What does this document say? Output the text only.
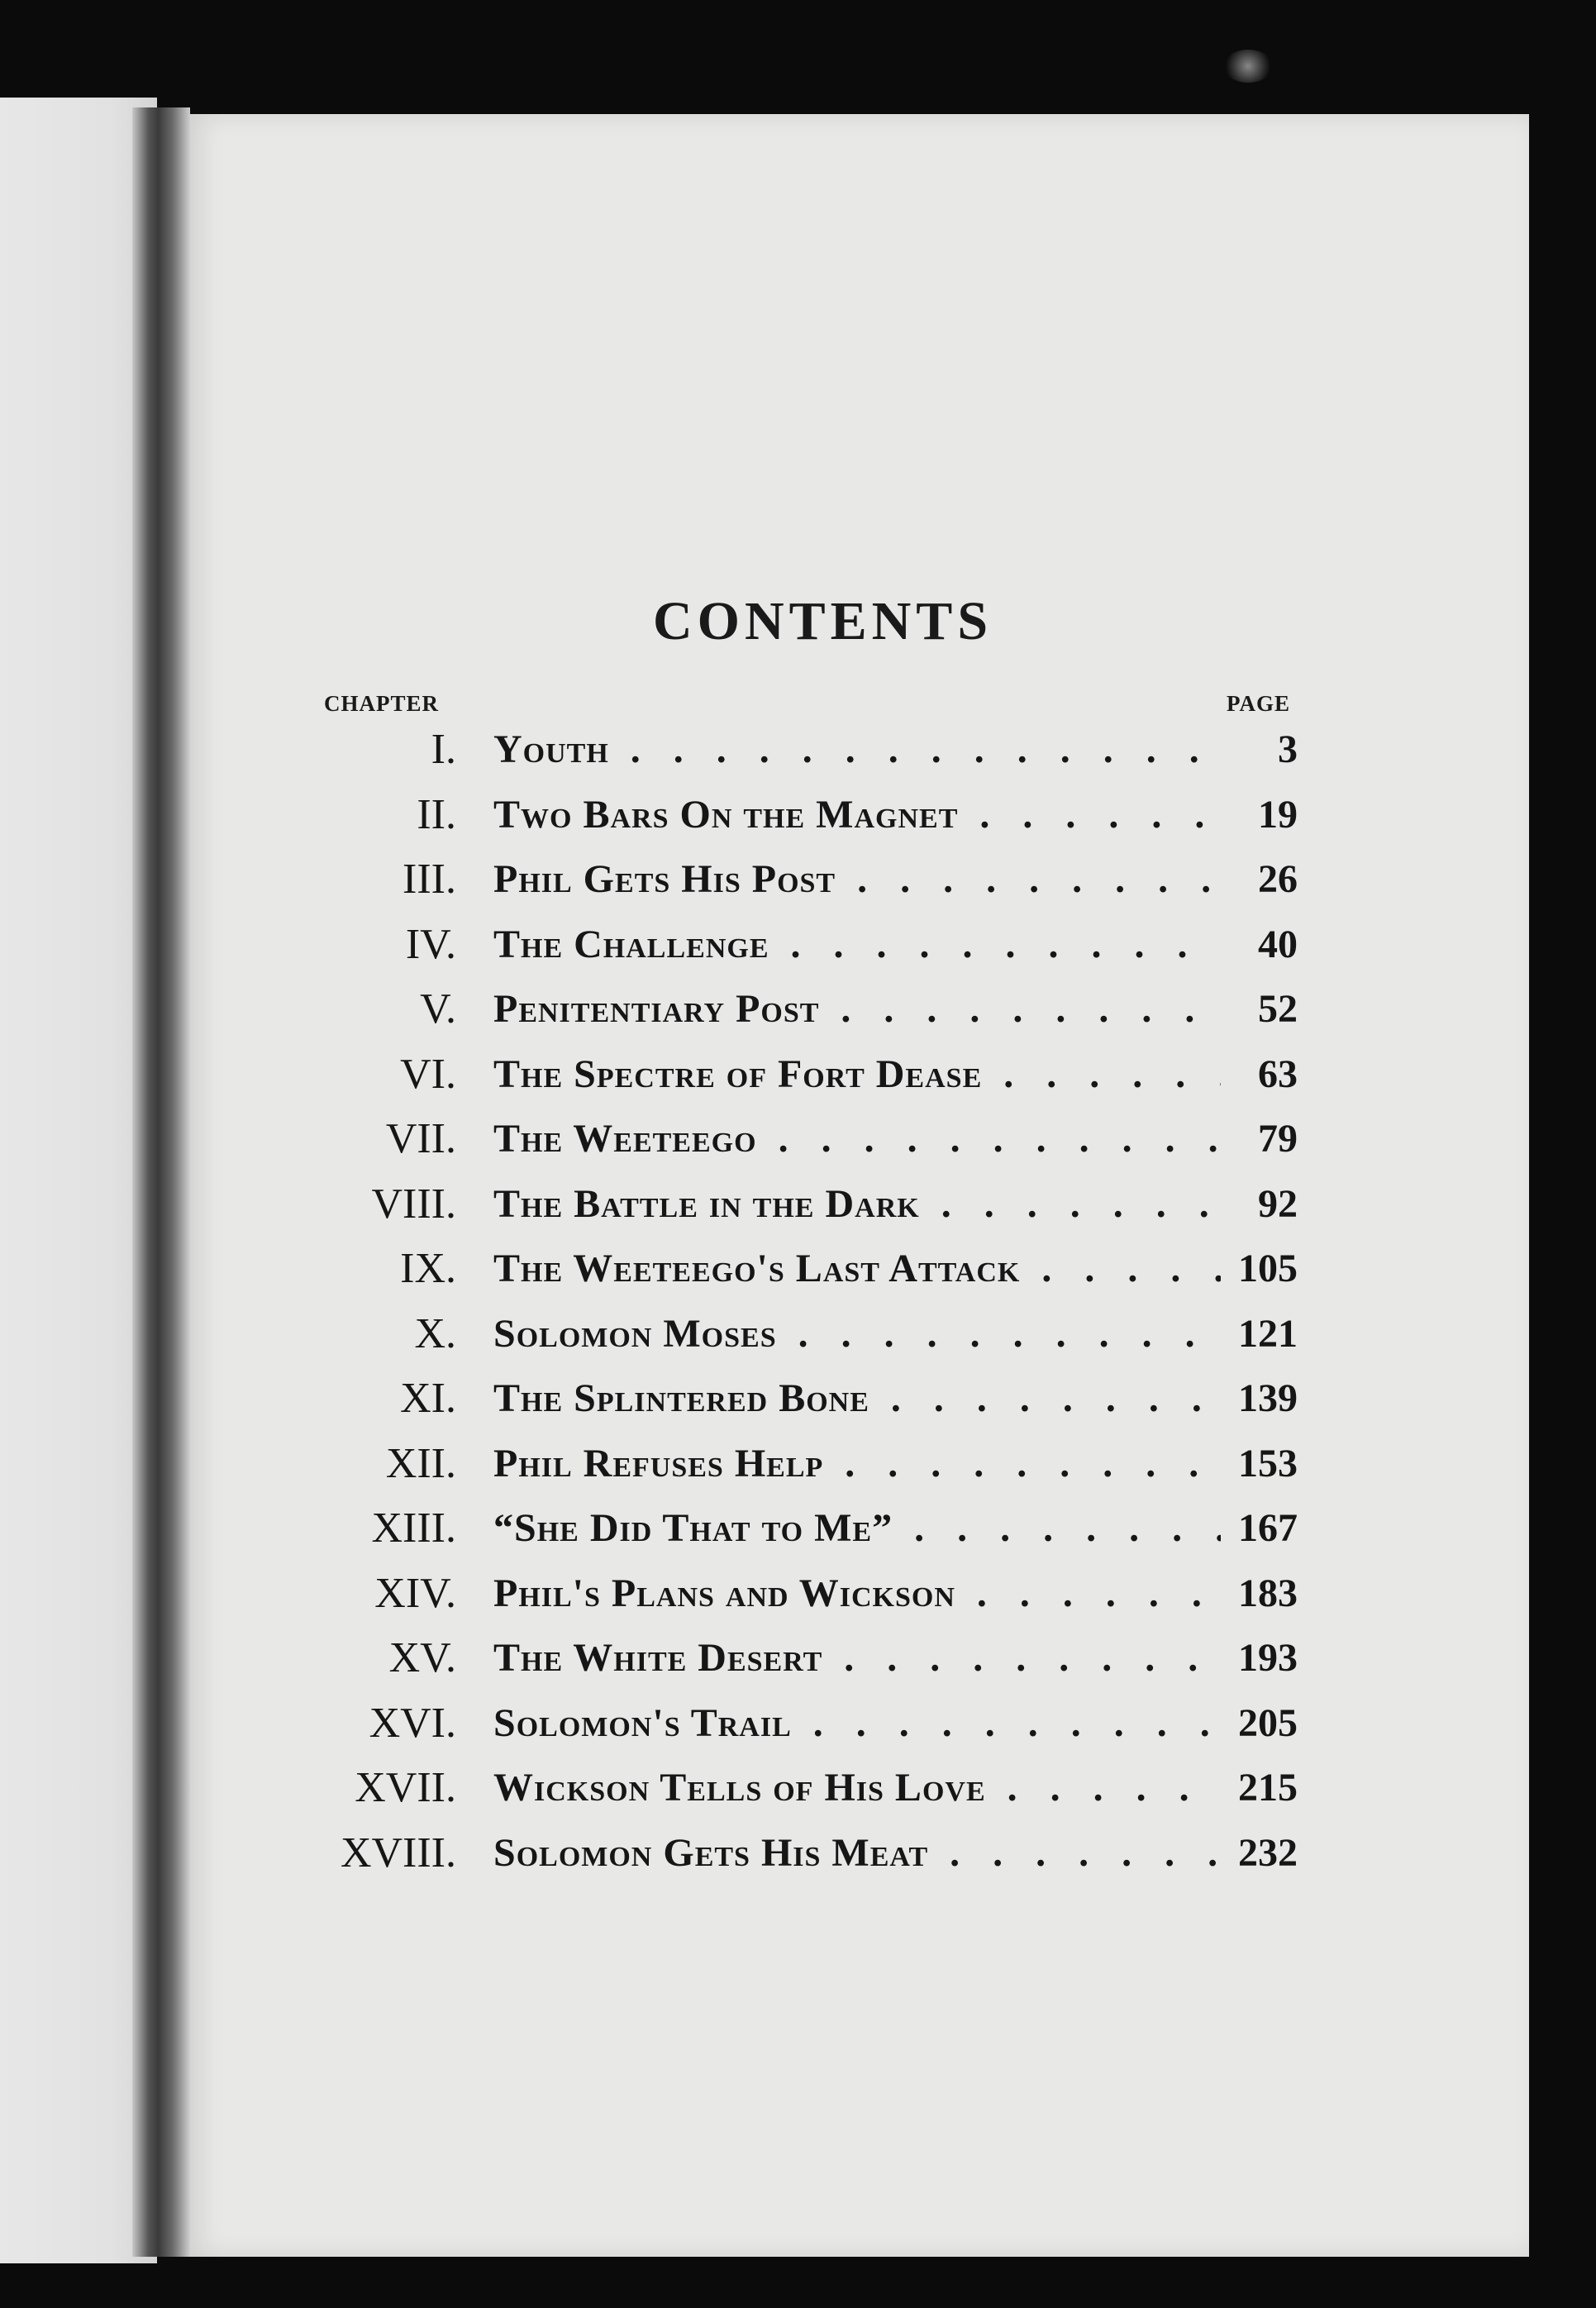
CONTENTS
CHAPTER	PAGE
I. Youth . . .	3
II. Two Bars On the Magnet . . .	19
III. Phil Gets His Post . . .	26
IV. The Challenge . . .	40
V. Penitentiary Post . . .	52
VI. The Spectre of Fort Dease . . .	63
VII. The Weeteego . . .	79
VIII. The Battle in the Dark . . .	92
IX. The Weeteego's Last Attack . . .	105
X. Solomon Moses . . .	121
XI. The Splintered Bone . . .	139
XII. Phil Refuses Help . . .	153
XIII. “She Did That to Me” . . .	167
XIV. Phil's Plans and Wickson . . .	183
XV. The White Desert . . .	193
XVI. Solomon's Trail . . .	205
XVII. Wickson Tells of His Love . . .	215
XVIII. Solomon Gets His Meat . . .	232
